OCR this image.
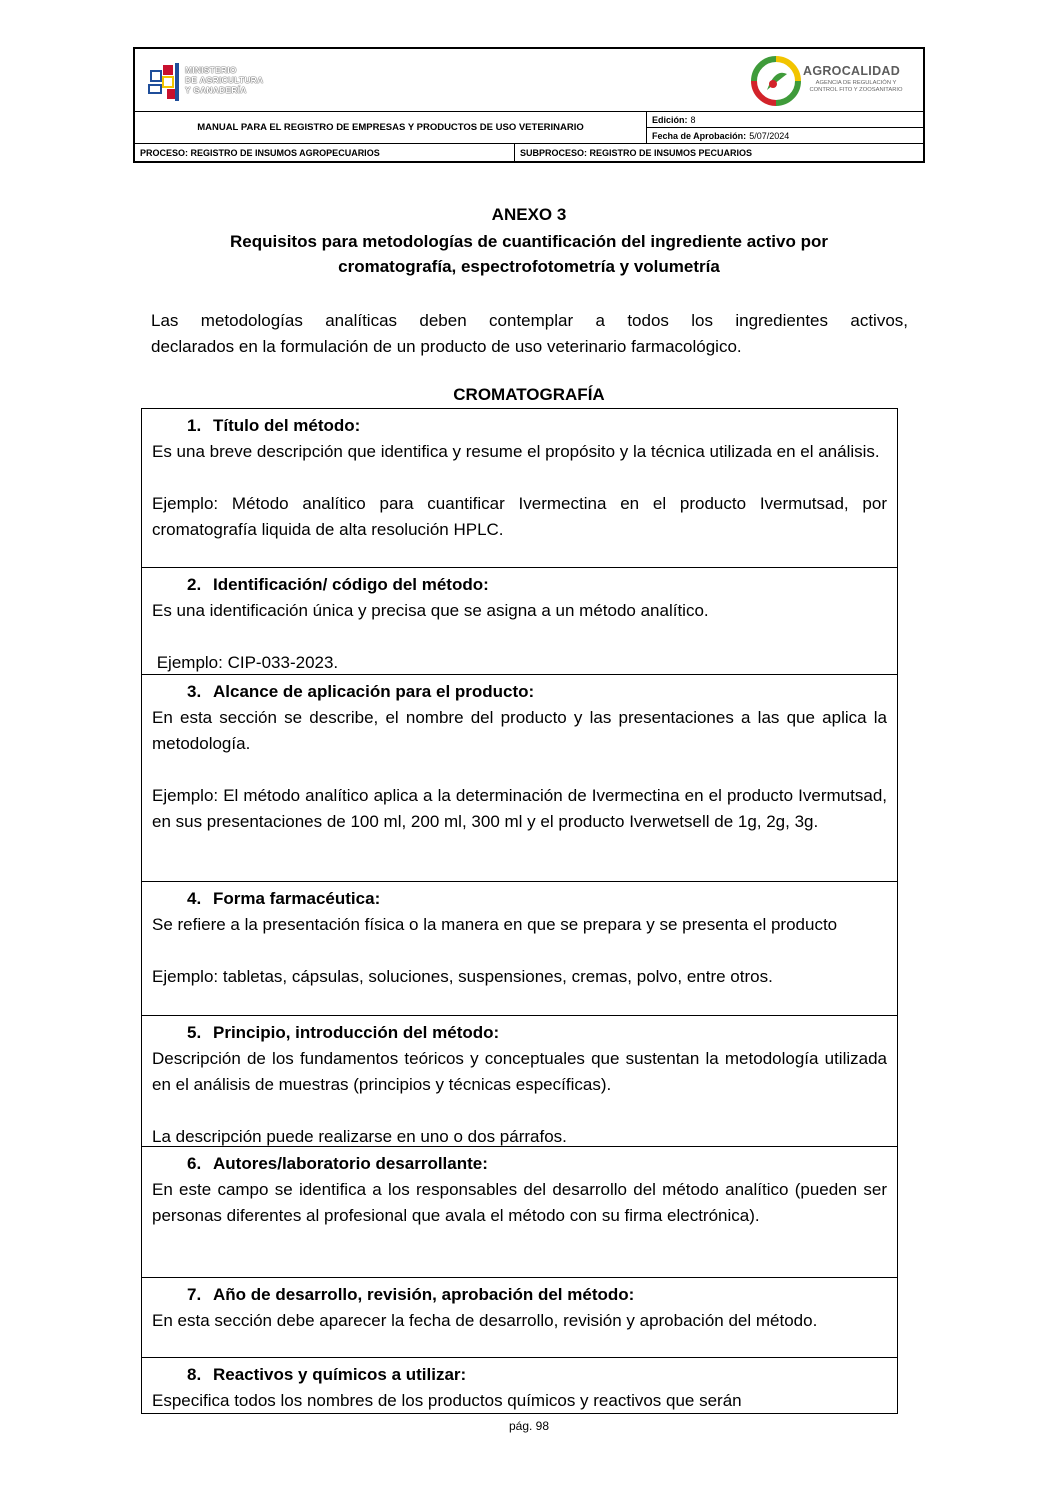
MINISTERIO
DE AGRICULTURA
Y GANADERÍA
AGROCALIDAD
AGENCIA DE REGULACIÓN Y
CONTROL FITO Y ZOOSANITARIO
MANUAL PARA EL REGISTRO DE EMPRESAS Y PRODUCTOS DE USO VETERINARIO
Edición: 8
Fecha de Aprobación: 5/07/2024
PROCESO: REGISTRO DE INSUMOS AGROPECUARIOS	SUBPROCESO: REGISTRO DE INSUMOS PECUARIOS
ANEXO 3
Requisitos para metodologías de cuantificación del ingrediente activo por
cromatografía, espectrofotometría y volumetría
Las metodologías analíticas deben contemplar a todos los ingredientes activos,
declarados en la formulación de un producto de uso veterinario farmacológico.
CROMATOGRAFÍA
1. Título del método:

Es una breve descripción que identifica y resume el propósito y la técnica utilizada en el análisis.

Ejemplo: Método analítico para cuantificar Ivermectina en el producto Ivermutsad, por cromatografía liquida de alta resolución HPLC.

2. Identificación/ código del método:

Es una identificación única y precisa que se asigna a un método analítico.

Ejemplo: CIP-033-2023.

3. Alcance de aplicación para el producto:

En esta sección se describe, el nombre del producto y las presentaciones a las que aplica la metodología.

Ejemplo: El método analítico aplica a la determinación de Ivermectina en el producto Ivermutsad, en sus presentaciones de 100 ml, 200 ml, 300 ml y el producto Iverwetsell de 1g, 2g, 3g.

4. Forma farmacéutica:

Se refiere a la presentación física o la manera en que se prepara y se presenta el producto

Ejemplo: tabletas, cápsulas, soluciones, suspensiones, cremas, polvo, entre otros.

5. Principio, introducción del método:

Descripción de los fundamentos teóricos y conceptuales que sustentan la metodología utilizada en el análisis de muestras (principios y técnicas específicas).

La descripción puede realizarse en uno o dos párrafos.

6. Autores/laboratorio desarrollante:

En este campo se identifica a los responsables del desarrollo del método analítico (pueden ser personas diferentes al profesional que avala el método con su firma electrónica).

7. Año de desarrollo, revisión, aprobación del método:

En esta sección debe aparecer la fecha de desarrollo, revisión y aprobación del método.

8. Reactivos y químicos a utilizar:

Especifica todos los nombres de los productos químicos y reactivos que serán

pág. 98
